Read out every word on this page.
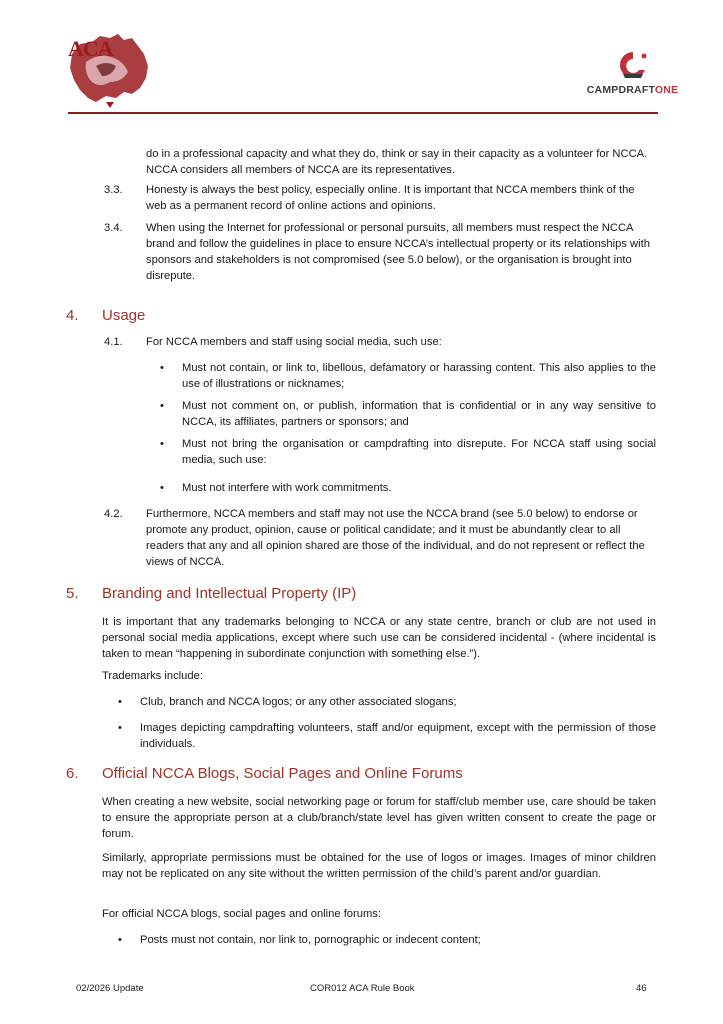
ACA
CAMPDRAFTONE
do in a professional capacity and what they do, think or say in their capacity as a volunteer for NCCA. NCCA considers all members of NCCA are its representatives.
3.3. Honesty is always the best policy, especially online. It is important that NCCA members think of the web as a permanent record of online actions and opinions.
3.4. When using the Internet for professional or personal pursuits, all members must respect the NCCA brand and follow the guidelines in place to ensure NCCA’s intellectual property or its relationships with sponsors and stakeholders is not compromised (see 5.0 below), or the organisation is brought into disrepute.
4. Usage
4.1. For NCCA members and staff using social media, such use:
• Must not contain, or link to, libellous, defamatory or harassing content. This also applies to the use of illustrations or nicknames;
• Must not comment on, or publish, information that is confidential or in any way sensitive to NCCA, its affiliates, partners or sponsors; and
• Must not bring the organisation or campdrafting into disrepute. For NCCA staff using social media, such use:
• Must not interfere with work commitments.
4.2. Furthermore, NCCA members and staff may not use the NCCA brand (see 5.0 below) to endorse or promote any product, opinion, cause or political candidate; and it must be abundantly clear to all readers that any and all opinion shared are those of the individual, and do not represent or reflect the views of NCCA.
5. Branding and Intellectual Property (IP)
It is important that any trademarks belonging to NCCA or any state centre, branch or club are not used in personal social media applications, except where such use can be considered incidental - (where incidental is taken to mean “happening in subordinate conjunction with something else.”).
Trademarks include:
• Club, branch and NCCA logos; or any other associated slogans;
• Images depicting campdrafting volunteers, staff and/or equipment, except with the permission of those individuals.
6. Official NCCA Blogs, Social Pages and Online Forums
When creating a new website, social networking page or forum for staff/club member use, care should be taken to ensure the appropriate person at a club/branch/state level has given written consent to create the page or forum.
Similarly, appropriate permissions must be obtained for the use of logos or images. Images of minor children may not be replicated on any site without the written permission of the child’s parent and/or guardian.
For official NCCA blogs, social pages and online forums:
• Posts must not contain, nor link to, pornographic or indecent content;
02/2026 Update	COR012 ACA Rule Book	46
